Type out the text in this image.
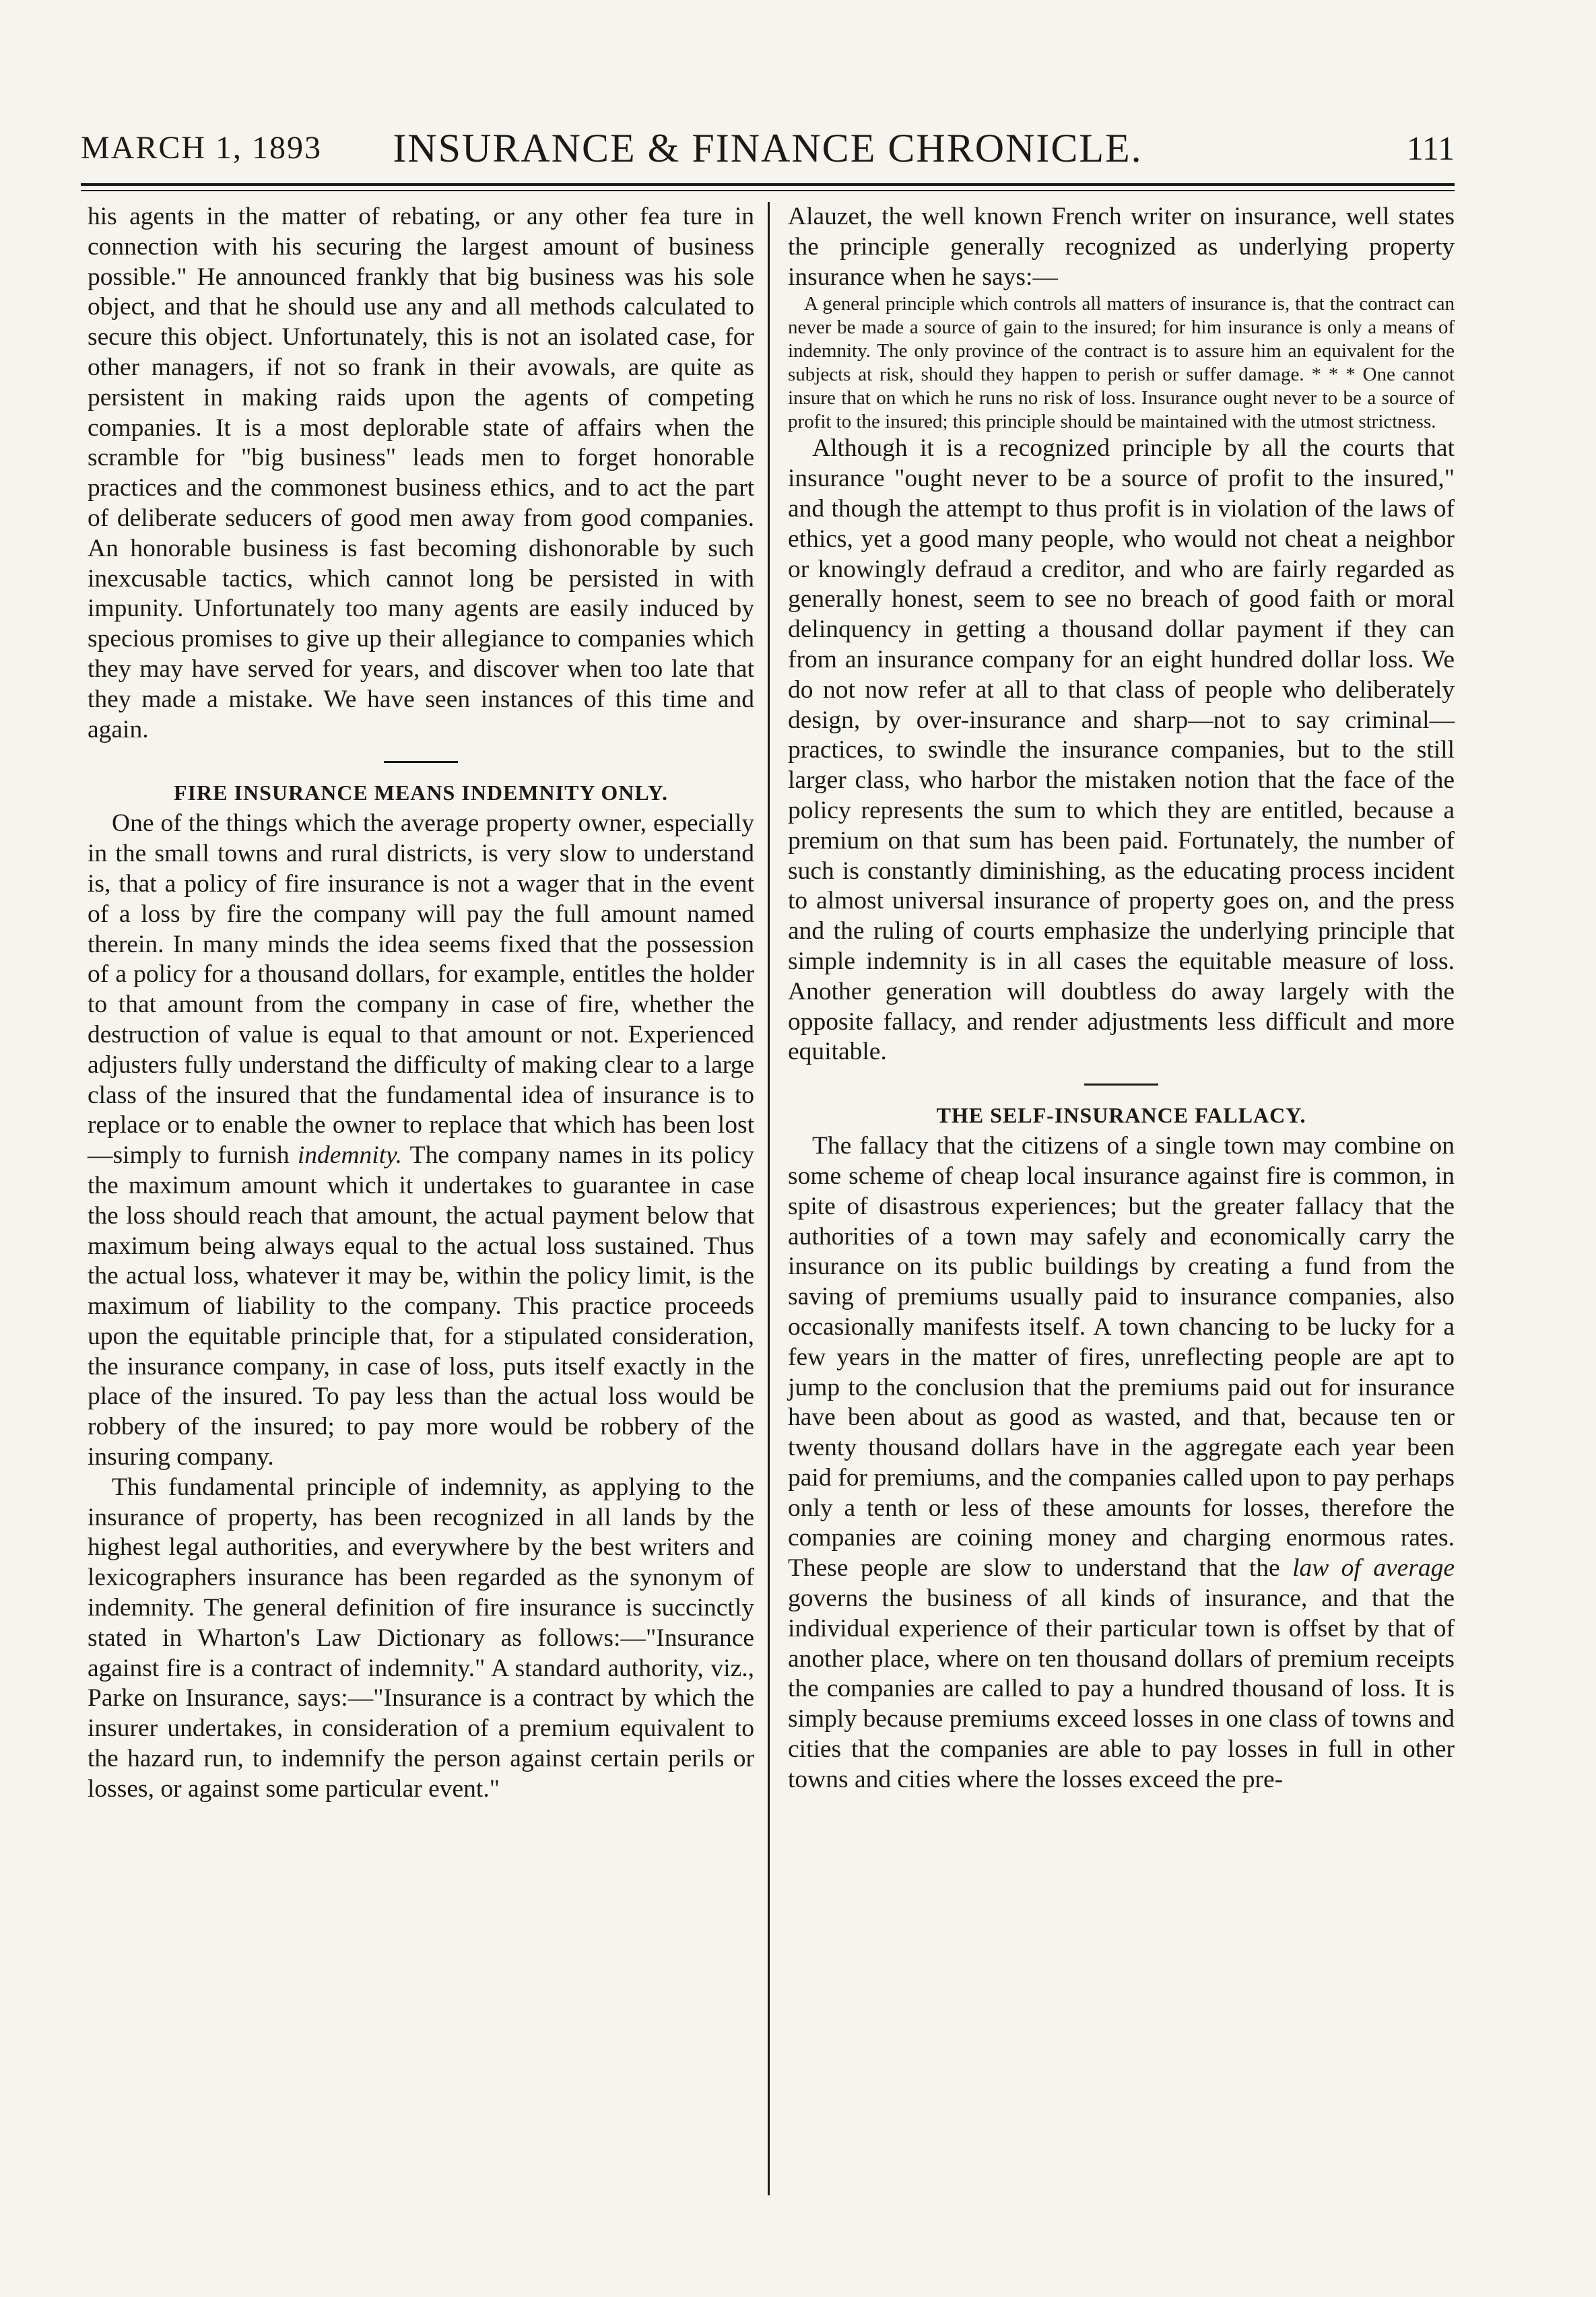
MARCH 1, 1893	INSURANCE & FINANCE CHRONICLE.	111

his agents in the matter of rebating, or any other fea ture in connection with his securing the largest amount of business possible." He announced frankly that big business was his sole object, and that he should use any and all methods calculated to secure this object. Unfortunately, this is not an isolated case, for other managers, if not so frank in their avowals, are quite as persistent in making raids upon the agents of competing companies. It is a most deplorable state of affairs when the scramble for "big business" leads men to forget honorable practices and the commonest business ethics, and to act the part of deliberate seducers of good men away from good companies. An honorable business is fast becoming dishonorable by such inexcusable tactics, which cannot long be persisted in with impunity. Unfortunately too many agents are easily induced by specious promises to give up their allegiance to companies which they may have served for years, and discover when too late that they made a mistake. We have seen instances of this time and again.

FIRE INSURANCE MEANS INDEMNITY ONLY.

One of the things which the average property owner, especially in the small towns and rural districts, is very slow to understand is, that a policy of fire insurance is not a wager that in the event of a loss by fire the company will pay the full amount named therein. In many minds the idea seems fixed that the possession of a policy for a thousand dollars, for example, entitles the holder to that amount from the company in case of fire, whether the destruction of value is equal to that amount or not. Experienced adjusters fully understand the difficulty of making clear to a large class of the insured that the fundamental idea of insurance is to replace or to enable the owner to replace that which has been lost—simply to furnish indemnity. The company names in its policy the maximum amount which it undertakes to guarantee in case the loss should reach that amount, the actual payment below that maximum being always equal to the actual loss sustained. Thus the actual loss, whatever it may be, within the policy limit, is the maximum of liability to the company. This practice proceeds upon the equitable principle that, for a stipulated consideration, the insurance company, in case of loss, puts itself exactly in the place of the insured. To pay less than the actual loss would be robbery of the insured; to pay more would be robbery of the insuring company.

This fundamental principle of indemnity, as applying to the insurance of property, has been recognized in all lands by the highest legal authorities, and everywhere by the best writers and lexicographers insurance has been regarded as the synonym of indemnity. The general definition of fire insurance is succinctly stated in Wharton's Law Dictionary as follows:—"Insurance against fire is a contract of indemnity." A standard authority, viz., Parke on Insurance, says:—"Insurance is a contract by which the insurer undertakes, in consideration of a premium equivalent to the hazard run, to indemnify the person against certain perils or losses, or against some particular event."

Alauzet, the well known French writer on insurance, well states the principle generally recognized as underlying property insurance when he says:—

A general principle which controls all matters of insurance is, that the contract can never be made a source of gain to the insured; for him insurance is only a means of indemnity. The only province of the contract is to assure him an equivalent for the subjects at risk, should they happen to perish or suffer damage. * * * One cannot insure that on which he runs no risk of loss. Insurance ought never to be a source of profit to the insured; this principle should be maintained with the utmost strictness.

Although it is a recognized principle by all the courts that insurance "ought never to be a source of profit to the insured," and though the attempt to thus profit is in violation of the laws of ethics, yet a good many people, who would not cheat a neighbor or knowingly defraud a creditor, and who are fairly regarded as generally honest, seem to see no breach of good faith or moral delinquency in getting a thousand dollar payment if they can from an insurance company for an eight hundred dollar loss. We do not now refer at all to that class of people who deliberately design, by over-insurance and sharp—not to say criminal—practices, to swindle the insurance companies, but to the still larger class, who harbor the mistaken notion that the face of the policy represents the sum to which they are entitled, because a premium on that sum has been paid. Fortunately, the number of such is constantly diminishing, as the educating process incident to almost universal insurance of property goes on, and the press and the ruling of courts emphasize the underlying principle that simple indemnity is in all cases the equitable measure of loss. Another generation will doubtless do away largely with the opposite fallacy, and render adjustments less difficult and more equitable.

THE SELF-INSURANCE FALLACY.

The fallacy that the citizens of a single town may combine on some scheme of cheap local insurance against fire is common, in spite of disastrous experiences; but the greater fallacy that the authorities of a town may safely and economically carry the insurance on its public buildings by creating a fund from the saving of premiums usually paid to insurance companies, also occasionally manifests itself. A town chancing to be lucky for a few years in the matter of fires, unreflecting people are apt to jump to the conclusion that the premiums paid out for insurance have been about as good as wasted, and that, because ten or twenty thousand dollars have in the aggregate each year been paid for premiums, and the companies called upon to pay perhaps only a tenth or less of these amounts for losses, therefore the companies are coining money and charging enormous rates. These people are slow to understand that the law of average governs the business of all kinds of insurance, and that the individual experience of their particular town is offset by that of another place, where on ten thousand dollars of premium receipts the companies are called to pay a hundred thousand of loss. It is simply because premiums exceed losses in one class of towns and cities that the companies are able to pay losses in full in other towns and cities where the losses exceed the pre-
